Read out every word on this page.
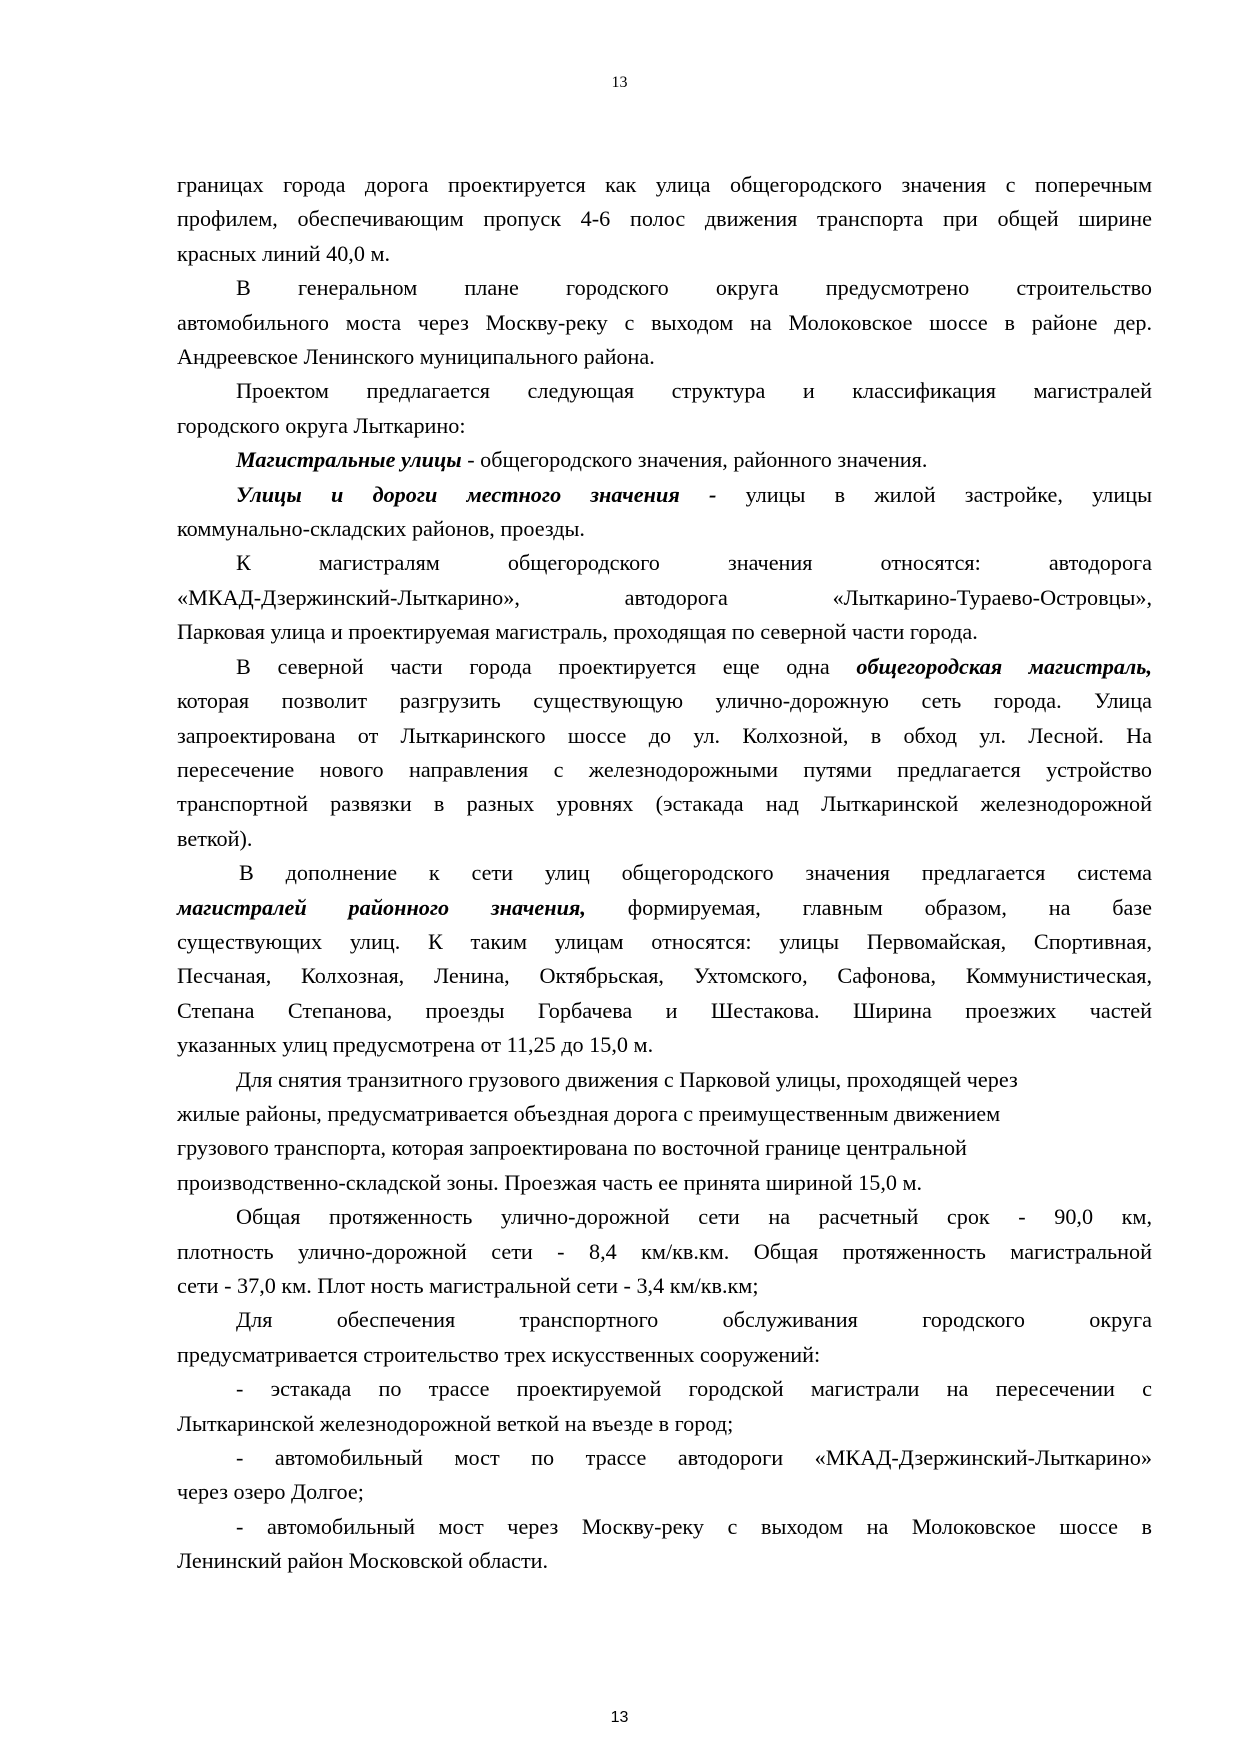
13

границах города дорога проектируется как улица общегородского значения с поперечным
профилем, обеспечивающим пропуск 4-6 полос движения транспорта при общей ширине
красных линий 40,0 м.

В генеральном плане городского округа предусмотрено строительство
автомобильного моста через Москву-реку с выходом на Молоковское шоссе в районе дер.
Андреевское Ленинского муниципального района.

Проектом предлагается следующая структура и классификация магистралей
городского округа Лыткарино:

Магистральные улицы - общегородского значения, районного значения.

Улицы и дороги местного значения - улицы в жилой застройке, улицы
коммунально-складских районов, проезды.

К магистралям общегородского значения относятся: автодорога
«МКАД-Дзержинский-Лыткарино», автодорога «Лыткарино-Тураево-Островцы»,
Парковая улица и проектируемая магистраль, проходящая по северной части города.

В северной части города проектируется еще одна общегородская магистраль,
которая позволит разгрузить существующую улично-дорожную сеть города. Улица
запроектирована от Лыткаринского шоссе до ул. Колхозной, в обход ул. Лесной. На
пересечение нового направления с железнодорожными путями предлагается устройство
транспортной развязки в разных уровнях (эстакада над Лыткаринской железнодорожной
веткой).

В дополнение к сети улиц общегородского значения предлагается система
магистралей районного значения, формируемая, главным образом, на базе
существующих улиц. К таким улицам относятся: улицы Первомайская, Спортивная,
Песчаная, Колхозная, Ленина, Октябрьская, Ухтомского, Сафонова, Коммунистическая,
Степана Степанова, проезды Горбачева и Шестакова. Ширина проезжих частей
указанных улиц предусмотрена от 11,25 до 15,0 м.

Для снятия транзитного грузового движения с Парковой улицы, проходящей через
жилые районы, предусматривается объездная дорога с преимущественным движением
грузового транспорта, которая запроектирована по восточной границе центральной
производственно-складской зоны. Проезжая часть ее принята шириной 15,0 м.

Общая протяженность улично-дорожной сети на расчетный срок - 90,0 км,
плотность улично-дорожной сети - 8,4 км/кв.км. Общая протяженность магистральной
сети - 37,0 км. Плот ность магистральной сети - 3,4 км/кв.км;

Для обеспечения транспортного обслуживания городского округа
предусматривается строительство трех искусственных сооружений:

- эстакада по трассе проектируемой городской магистрали на пересечении с
Лыткаринской железнодорожной веткой на въезде в город;

- автомобильный мост по трассе автодороги «МКАД-Дзержинский-Лыткарино»
через озеро Долгое;

- автомобильный мост через Москву-реку с выходом на Молоковское шоссе в
Ленинский район Московской области.

13
